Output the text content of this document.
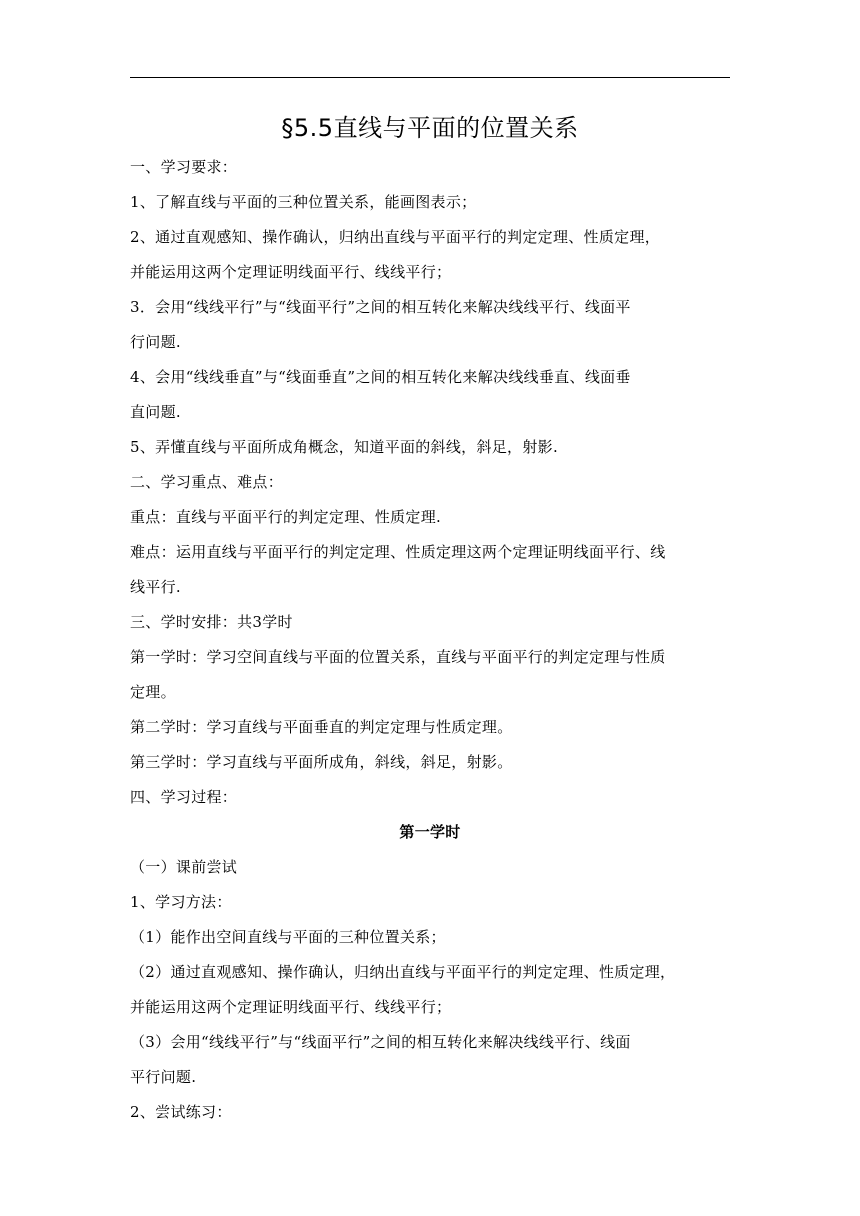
§5.5直线与平面的位置关系
一、学习要求：
1、了解直线与平面的三种位置关系，能画图表示；
2、通过直观感知、操作确认，归纳出直线与平面平行的判定定理、性质定理，
并能运用这两个定理证明线面平行、线线平行；
3．会用“线线平行”与“线面平行”之间的相互转化来解决线线平行、线面平
行问题.
4、会用“线线垂直”与“线面垂直”之间的相互转化来解决线线垂直、线面垂
直问题.
5、弄懂直线与平面所成角概念，知道平面的斜线，斜足，射影.
二、学习重点、难点：
重点：直线与平面平行的判定定理、性质定理.
难点：运用直线与平面平行的判定定理、性质定理这两个定理证明线面平行、线
线平行.
三、学时安排：共3学时
第一学时：学习空间直线与平面的位置关系，直线与平面平行的判定定理与性质
定理。
第二学时：学习直线与平面垂直的判定定理与性质定理。
第三学时：学习直线与平面所成角，斜线，斜足，射影。
四、学习过程：
第一学时
（一）课前尝试
1、学习方法：
（1）能作出空间直线与平面的三种位置关系；
（2）通过直观感知、操作确认，归纳出直线与平面平行的判定定理、性质定理，
并能运用这两个定理证明线面平行、线线平行；
（3）会用“线线平行”与“线面平行”之间的相互转化来解决线线平行、线面
平行问题.
2、尝试练习：
